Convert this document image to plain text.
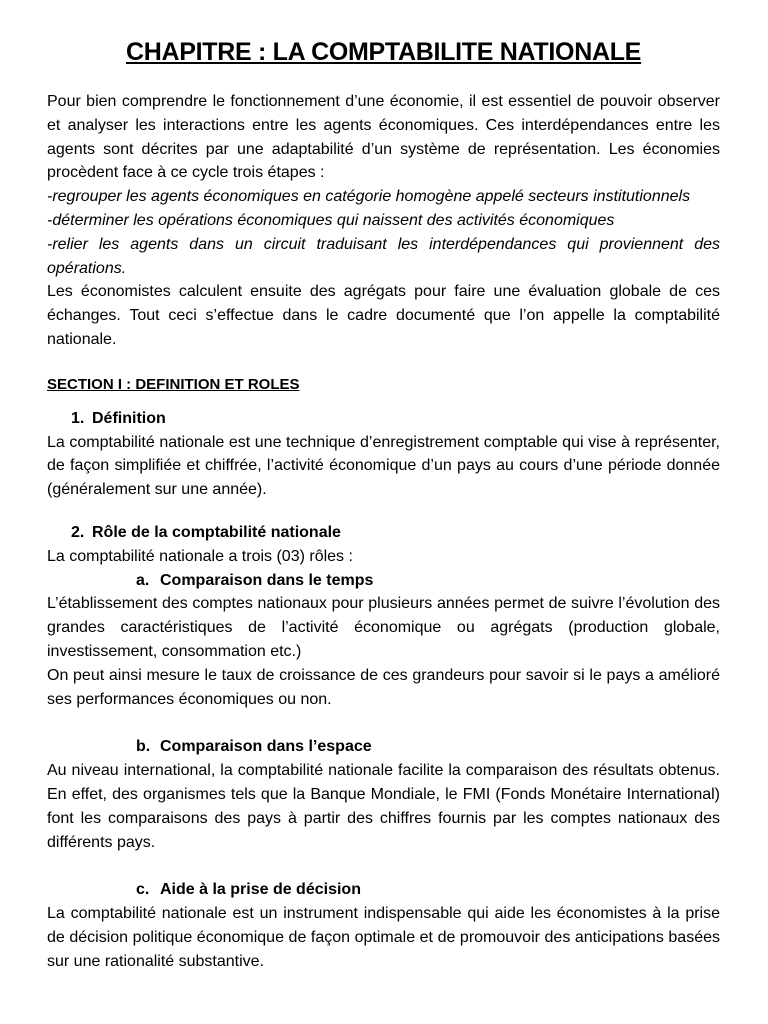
CHAPITRE : LA COMPTABILITE NATIONALE

Pour bien comprendre le fonctionnement d’une économie, il est essentiel de pouvoir observer et analyser les interactions entre les agents économiques. Ces interdépendances entre les agents sont décrites par une adaptabilité d’un système de représentation. Les économies procèdent face à ce cycle trois étapes :

-regrouper les agents économiques en catégorie homogène appelé secteurs institutionnels

-déterminer les opérations économiques qui naissent des activités économiques

-relier les agents dans un circuit traduisant les interdépendances qui proviennent des opérations.

Les économistes calculent ensuite des agrégats pour faire une évaluation globale de ces échanges. Tout ceci s’effectue dans le cadre documenté que l’on appelle la comptabilité nationale.

SECTION I : DEFINITION ET ROLES
1. Définition

La comptabilité nationale est une technique d’enregistrement comptable qui vise à représenter, de façon simplifiée et chiffrée, l’activité économique d’un pays au cours d’une période donnée (généralement sur une année).

2. Rôle de la comptabilité nationale

La comptabilité nationale a trois (03) rôles :

a. Comparaison dans le temps

L’établissement des comptes nationaux pour plusieurs années permet de suivre l’évolution des grandes caractéristiques de l’activité économique ou agrégats (production globale, investissement, consommation etc.)

On peut ainsi mesure le taux de croissance de ces grandeurs pour savoir si le pays a amélioré ses performances économiques ou non.

b. Comparaison dans l’espace

Au niveau international, la comptabilité nationale facilite la comparaison des résultats obtenus. En effet, des organismes tels que la Banque Mondiale, le FMI (Fonds Monétaire International) font les comparaisons des pays à partir des chiffres fournis par les comptes nationaux des différents pays.

c. Aide à la prise de décision

La comptabilité nationale est un instrument indispensable qui aide les économistes à la prise de décision politique économique de façon optimale et de promouvoir des anticipations basées sur une rationalité substantive.
